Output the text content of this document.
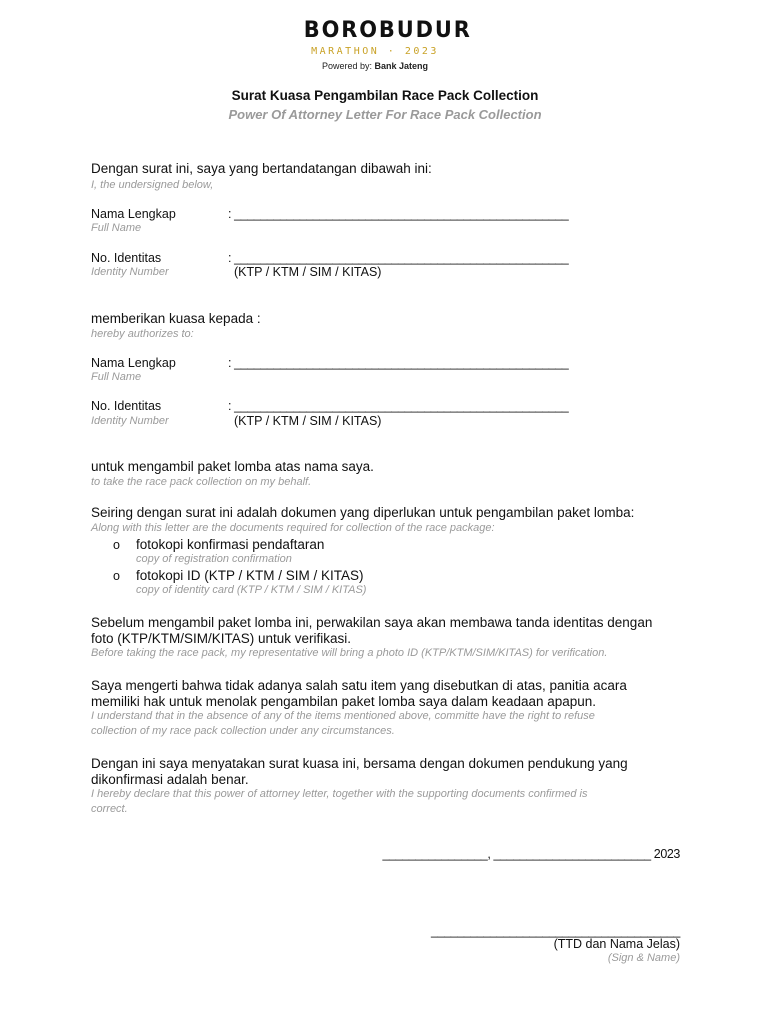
BOROBUDUR
MARATHON · 2023
Powered by: Bank Jateng
Surat Kuasa Pengambilan Race Pack Collection
Power Of Attorney Letter For Race Pack Collection
Dengan surat ini, saya yang bertandatangan dibawah ini:
I, the undersigned below,
Nama Lengkap	: ___________________________________________________
Full Name
No. Identitas	: ___________________________________________________
Identity Number	(KTP / KTM / SIM / KITAS)
memberikan kuasa kepada :
hereby authorizes to:
Nama Lengkap	: ___________________________________________________
Full Name
No. Identitas	: ___________________________________________________
Identity Number	(KTP / KTM / SIM / KITAS)
untuk mengambil paket lomba atas nama saya.
to take the race pack collection on my behalf.
Seiring dengan surat ini adalah dokumen yang diperlukan untuk pengambilan paket lomba:
Along with this letter are the documents required for collection of the race package:
o fotokopi konfirmasi pendaftaran
copy of registration confirmation
o fotokopi ID (KTP / KTM / SIM / KITAS)
copy of identity card (KTP / KTM / SIM / KITAS)
Sebelum mengambil paket lomba ini, perwakilan saya akan membawa tanda identitas dengan
foto (KTP/KTM/SIM/KITAS) untuk verifikasi.
Before taking the race pack, my representative will bring a photo ID (KTP/KTM/SIM/KITAS) for verification.
Saya mengerti bahwa tidak adanya salah satu item yang disebutkan di atas, panitia acara
memiliki hak untuk menolak pengambilan paket lomba saya dalam keadaan apapun.
I understand that in the absence of any of the items mentioned above, committe have the right to refuse
collection of my race pack collection under any circumstances.
Dengan ini saya menyatakan surat kuasa ini, bersama dengan dokumen pendukung yang
dikonfirmasi adalah benar.
I hereby declare that this power of attorney letter, together with the supporting documents confirmed is
correct.
________________, ________________________ 2023
______________________________________
(TTD dan Nama Jelas)
(Sign & Name)
